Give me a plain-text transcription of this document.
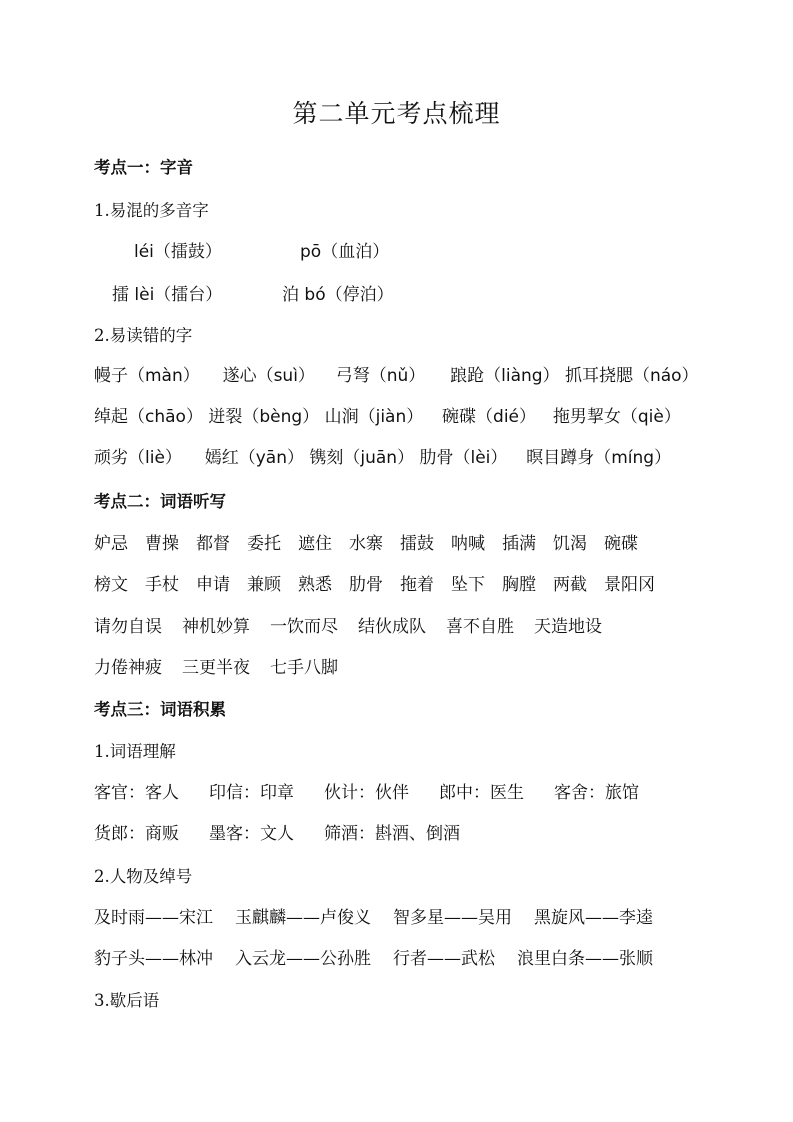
第二单元考点梳理
考点一：字音
1.易混的多音字
léi（擂鼓）	pō（血泊）
擂 lèi（擂台）	泊 bó（停泊）
2.易读错的字
幔子（màn） 遂心（suì） 弓弩（nǔ） 踉跄（liàng） 抓耳挠腮（náo）
绰起（chāo） 迸裂（bèng） 山涧（jiàn） 碗碟（dié） 拖男挈女（qiè）
顽劣（liè） 嫣红（yān） 镌刻（juān） 肋骨（lèi） 暝目蹲身（míng）
考点二：词语听写
妒忌 曹操 都督 委托 遮住 水寨 擂鼓 呐喊 插满 饥渴 碗碟
榜文 手杖 申请 兼顾 熟悉 肋骨 拖着 坠下 胸膛 两截 景阳冈
请勿自误 神机妙算 一饮而尽 结伙成队 喜不自胜 天造地设
力倦神疲 三更半夜 七手八脚
考点三：词语积累
1.词语理解
客官：客人 印信：印章 伙计：伙伴 郎中：医生 客舍：旅馆
货郎：商贩 墨客：文人 筛酒：斟酒、倒酒
2.人物及绰号
及时雨——宋江 玉麒麟——卢俊义 智多星——吴用 黑旋风——李逵
豹子头——林冲 入云龙——公孙胜 行者——武松 浪里白条——张顺
3.歇后语
